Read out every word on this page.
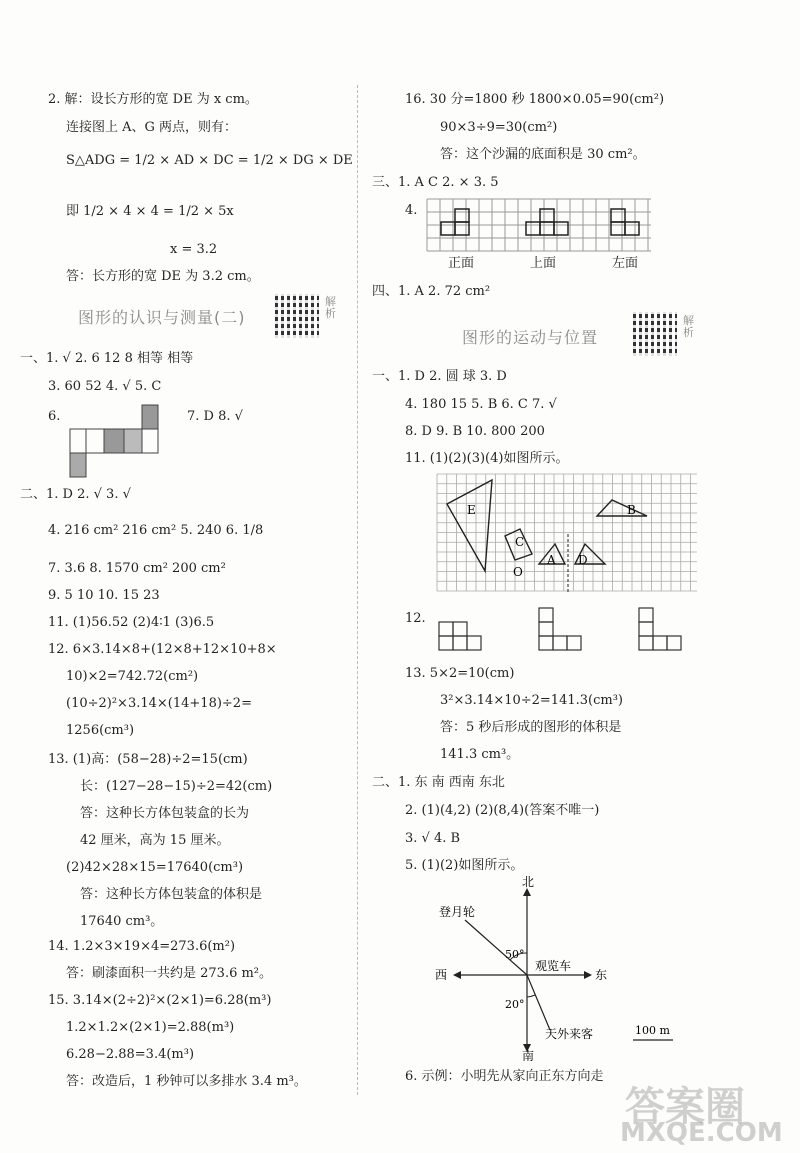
2. 解：设长方形的宽 DE 为 x cm。
连接图上 A、G 两点，则有：
S△ADG = 1/2 × AD × DC = 1/2 × DG × DE
即 1/2 × 4 × 4 = 1/2 × 5x
x = 3.2
答：长方形的宽 DE 为 3.2 cm。
图形的认识与测量(二)
解析
一、1. √ 2. 6 12 8 相等 相等
3. 60 52 4. √ 5. C
6.	7. D 8. √
二、1. D 2. √ 3. √
4. 216 cm² 216 cm² 5. 240 6. 1/8
7. 3.6 8. 1570 cm² 200 cm²
9. 5 10 10. 15 23
11. (1)56.52 (2)4∶1 (3)6.5
12. 6×3.14×8+(12×8+12×10+8×
10)×2=742.72(cm²)
(10÷2)²×3.14×(14+18)÷2=
1256(cm³)
13. (1)高：(58−28)÷2=15(cm)
长：(127−28−15)÷2=42(cm)
答：这种长方体包装盒的长为
42 厘米，高为 15 厘米。
(2)42×28×15=17640(cm³)
答：这种长方体包装盒的体积是
17640 cm³。
14. 1.2×3×19×4=273.6(m²)
答：刷漆面积一共约是 273.6 m²。
15. 3.14×(2÷2)²×(2×1)=6.28(m³)
1.2×1.2×(2×1)=2.88(m³)
6.28−2.88=3.4(m³)
答：改造后，1 秒钟可以多排水 3.4 m³。
16. 30 分=1800 秒 1800×0.05=90(cm²)
90×3÷9=30(cm²)
答：这个沙漏的底面积是 30 cm²。
三、1. A C 2. × 3. 5
4.
正面	上面	左面
四、1. A 2. 72 cm²
图形的运动与位置
解析
一、1. D 2. 圆 球 3. D
4. 180 15 5. B 6. C 7. √
8. D 9. B 10. 800 200
11. (1)(2)(3)(4)如图所示。
E	B
C
A D
O
12.
13. 5×2=10(cm)
3²×3.14×10÷2=141.3(cm³)
答：5 秒后形成的图形的体积是
141.3 cm³。
二、1. 东 南 西南 东北
2. (1)(4,2) (2)(8,4)(答案不唯一)
3. √ 4. B
5. (1)(2)如图所示。
北
南
东
西
登月轮
观览车
天外来客
50°
20°
100 m
6. 示例：小明先从家向正东方向走
答案圈
MXQE.COM
